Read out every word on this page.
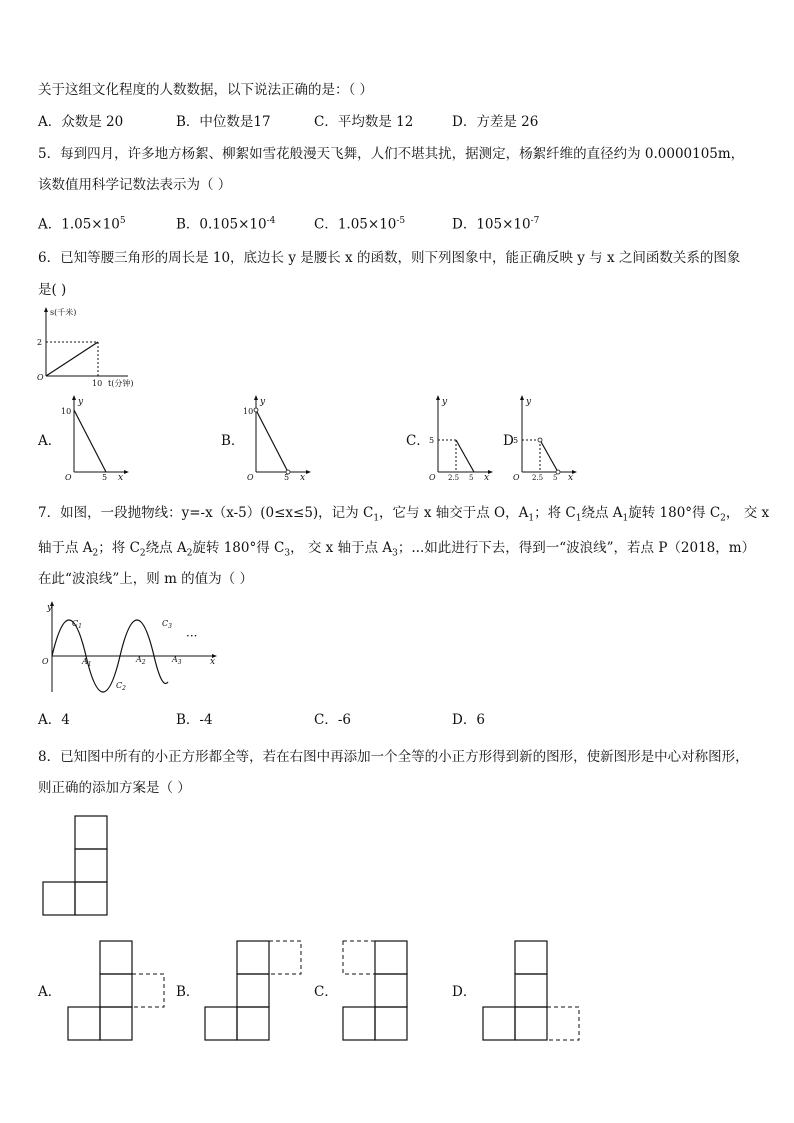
关于这组文化程度的人数数据，以下说法正确的是：（ ）
A．众数是 20	B．中位数是17	C．平均数是 12	D．方差是 26
5．每到四月，许多地方杨絮、柳絮如雪花般漫天飞舞，人们不堪其扰，据测定，杨絮纤维的直径约为 0.0000105m，
该数值用科学记数法表示为（ ）
A．$1.05\times 10^5$	B．$0.105\times 10^{-4}$	C．$1.05\times 10^{-5}$	D．$105\times 10^{-7}$
6．已知等腰三角形的周长是 10，底边长 y 是腰长 x 的函数，则下列图象中，能正确反映 y 与 x 之间函数关系的图象
是( )
s(千米)
2
O
10 t(分钟)
A．
y
10
O	5 x
B．
y
10
O	5 x
C．
y
5
O 2.5 5 x
D
y
5
O 2.5 5 x
7．如图，一段抛物线：y=-x（x-5）(0≤x≤5)，记为 $C_1$，它与 x 轴交于点 O，$A_1$；将 $C_1$绕点 $A_1$旋转 180°得 $C_2$， 交 x
轴于点 $A_2$；将 $C_2$绕点 $A_2$旋转 180°得 $C_3$， 交 x 轴于点 $A_3$；...如此进行下去，得到一“波浪线”，若点 P（2018，m）
在此“波浪线”上，则 m 的值为（ ）
y
O	x
$C_1$
$C_2$
$C_3$
$A_1$
$A_2$	$A_3$
···
A．4	B．-4	C．-6	D．6
8．已知图中所有的小正方形都全等，若在右图中再添加一个全等的小正方形得到新的图形，使新图形是中心对称图形，
则正确的添加方案是（ ）
A．	B．	C．	D．
